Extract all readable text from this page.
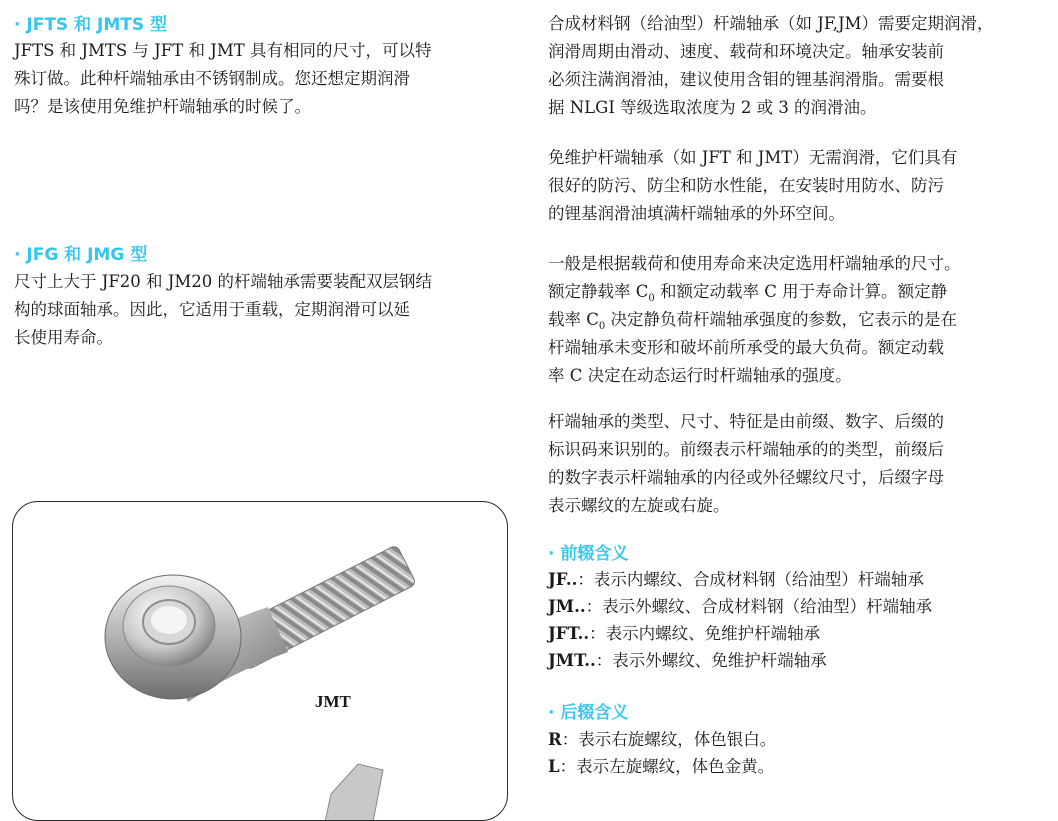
· JFTS 和 JMTS 型

JFTS 和 JMTS 与 JFT 和 JMT 具有相同的尺寸，可以特
殊订做。此种杆端轴承由不锈钢制成。您还想定期润滑
吗？是该使用免维护杆端轴承的时候了。

· JFG 和 JMG 型

尺寸上大于 JF20 和 JM20 的杆端轴承需要装配双层钢结
构的球面轴承。因此，它适用于重载，定期润滑可以延
长使用寿命。

JMT

合成材料钢（给油型）杆端轴承（如 JF,JM）需要定期润滑，
润滑周期由滑动、速度、载荷和环境决定。轴承安装前
必须注满润滑油，建议使用含钼的锂基润滑脂。需要根
据 NLGI 等级选取浓度为 2 或 3 的润滑油。

免维护杆端轴承（如 JFT 和 JMT）无需润滑，它们具有
很好的防污、防尘和防水性能，在安装时用防水、防污
的锂基润滑油填满杆端轴承的外环空间。

一般是根据载荷和使用寿命来决定选用杆端轴承的尺寸。
额定静载率 $C_0$ 和额定动载率 C 用于寿命计算。额定静
载率 $C_0$ 决定静负荷杆端轴承强度的参数，它表示的是在
杆端轴承未变形和破坏前所承受的最大负荷。额定动载
率 C 决定在动态运行时杆端轴承的强度。

杆端轴承的类型、尺寸、特征是由前缀、数字、后缀的
标识码来识别的。前缀表示杆端轴承的的类型，前缀后
的数字表示杆端轴承的内径或外径螺纹尺寸，后缀字母
表示螺纹的左旋或右旋。

· 前辍含义
JF..：表示内螺纹、合成材料钢（给油型）杆端轴承
JM..：表示外螺纹、合成材料钢（给油型）杆端轴承
JFT..：表示内螺纹、免维护杆端轴承
JMT..：表示外螺纹、免维护杆端轴承
· 后辍含义
R：表示右旋螺纹，体色银白。
L：表示左旋螺纹，体色金黄。
